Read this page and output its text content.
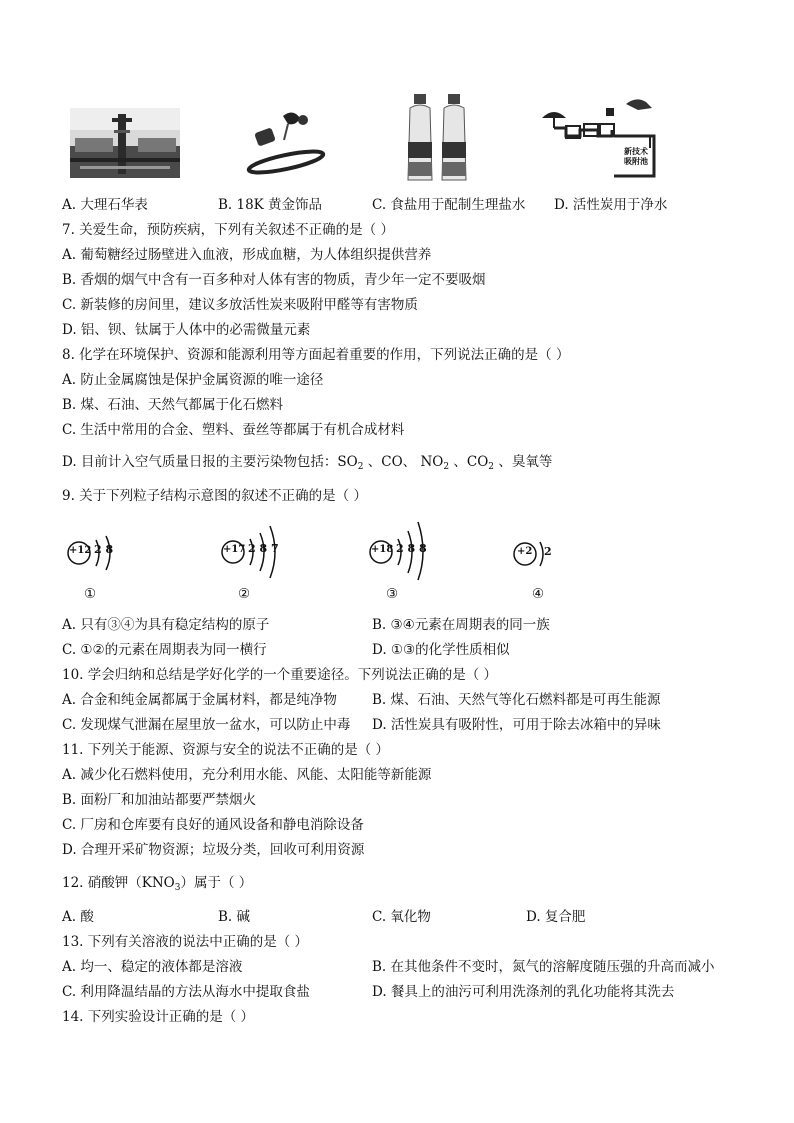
新技术
吸附池
A. 大理石华表	B. 18K 黄金饰品	C. 食盐用于配制生理盐水 D. 活性炭用于净水
7. 关爱生命，预防疾病，下列有关叙述不正确的是（ ）
A. 葡萄糖经过肠壁进入血液，形成血糖，为人体组织提供营养
B. 香烟的烟气中含有一百多种对人体有害的物质，青少年一定不要吸烟
C. 新装修的房间里，建议多放活性炭来吸附甲醛等有害物质
D. 铝、钡、钛属于人体中的必需微量元素
8. 化学在环境保护、资源和能源利用等方面起着重要的作用，下列说法正确的是（ ）
A. 防止金属腐蚀是保护金属资源的唯一途径
B. 煤、石油、天然气都属于化石燃料
C. 生活中常用的合金、塑料、蚕丝等都属于有机合成材料
D. 目前计入空气质量日报的主要污染物包括：$SO_2$ 、CO、 $NO_2$ 、$CO_2$ 、臭氧等
9. 关于下列粒子结构示意图的叙述不正确的是（ ）
+12 2 8
①
+17 2 8 7
②
+18 2 8 8
③
+2 2
④
A. 只有③④为具有稳定结构的原子	B. ③④元素在周期表的同一族
C. ①②的元素在周期表为同一横行	D. ①③的化学性质相似
10. 学会归纳和总结是学好化学的一个重要途径。下列说法正确的是（ ）
A. 合金和纯金属都属于金属材料，都是纯净物	B. 煤、石油、天然气等化石燃料都是可再生能源
C. 发现煤气泄漏在屋里放一盆水，可以防止中毒 D. 活性炭具有吸附性，可用于除去冰箱中的异味
11. 下列关于能源、资源与安全的说法不正确的是（ ）
A. 减少化石燃料使用，充分利用水能、风能、太阳能等新能源
B. 面粉厂和加油站都要严禁烟火
C. 厂房和仓库要有良好的通风设备和静电消除设备
D. 合理开采矿物资源；垃圾分类，回收可利用资源
12. 硝酸钾$(KNO_3)$属于（ ）
A. 酸	B. 碱	C. 氧化物	D. 复合肥
13. 下列有关溶液的说法中正确的是（ ）
A. 均一、稳定的液体都是溶液	B. 在其他条件不变时，氮气的溶解度随压强的升高而减小
C. 利用降温结晶的方法从海水中提取食盐	D. 餐具上的油污可利用洗涤剂的乳化功能将其洗去
14. 下列实验设计正确的是（ ）
